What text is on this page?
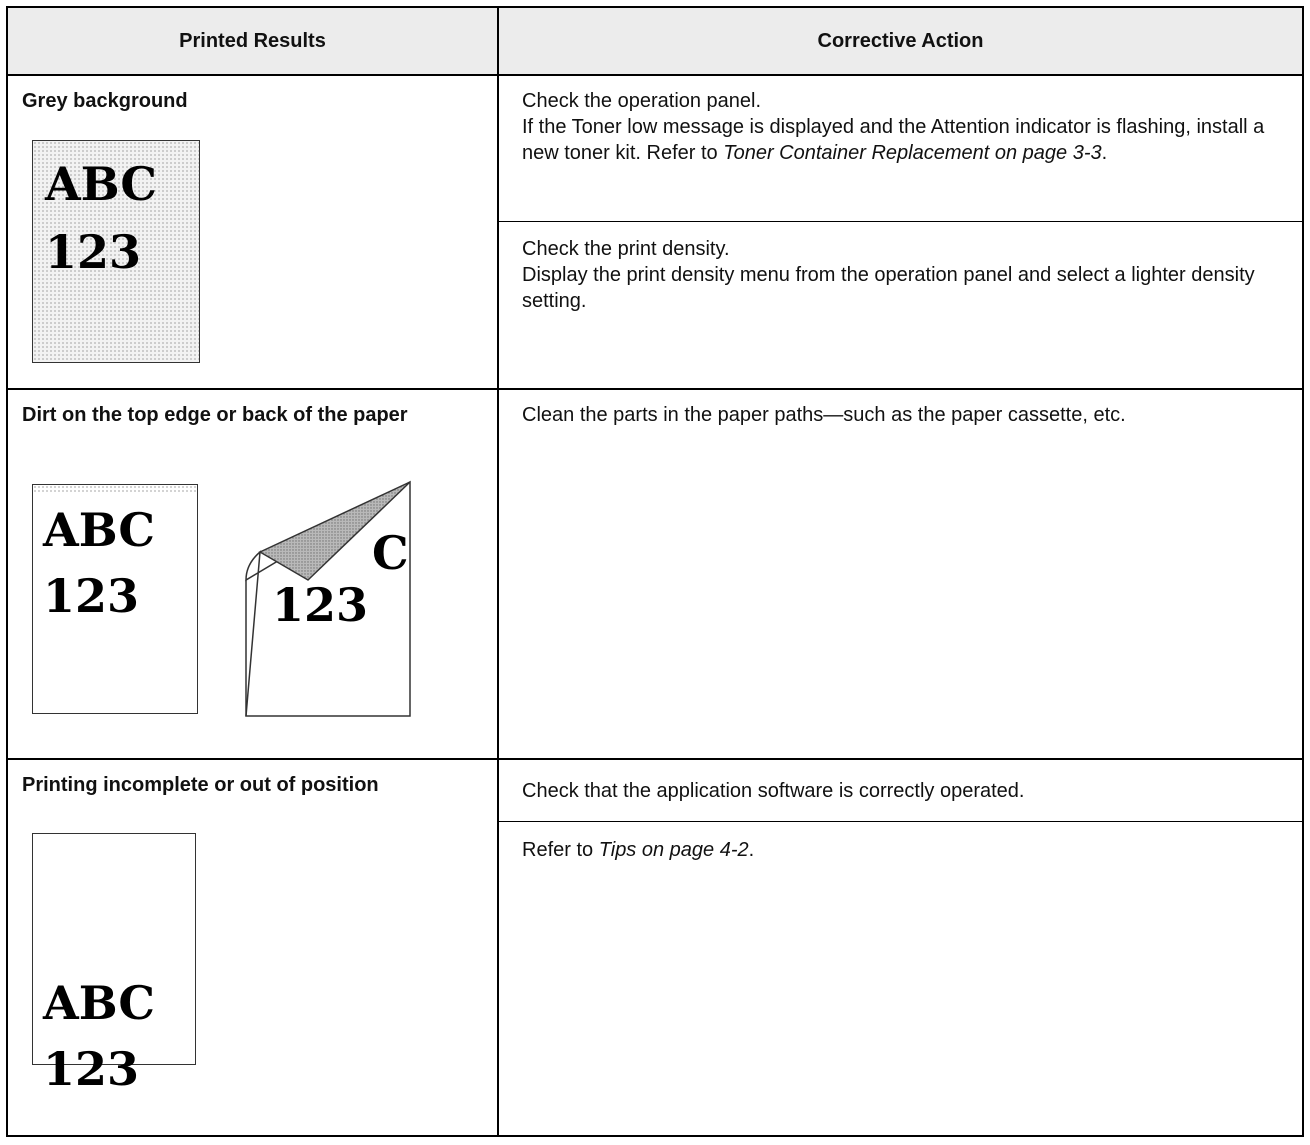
Printed Results	Corrective Action
Grey background
ABC
123
Check the operation panel.
If the Toner low message is displayed and the Attention indicator is flashing, install a new toner kit. Refer to Toner Container Replacement on page 3-3.
Check the print density.
Display the print density menu from the operation panel and select a lighter density setting.
Dirt on the top edge or back of the paper
ABC
123
C
123
Clean the parts in the paper paths—such as the paper cassette, etc.
Printing incomplete or out of position
ABC
123
Check that the application software is correctly operated.
Refer to Tips on page 4-2.
